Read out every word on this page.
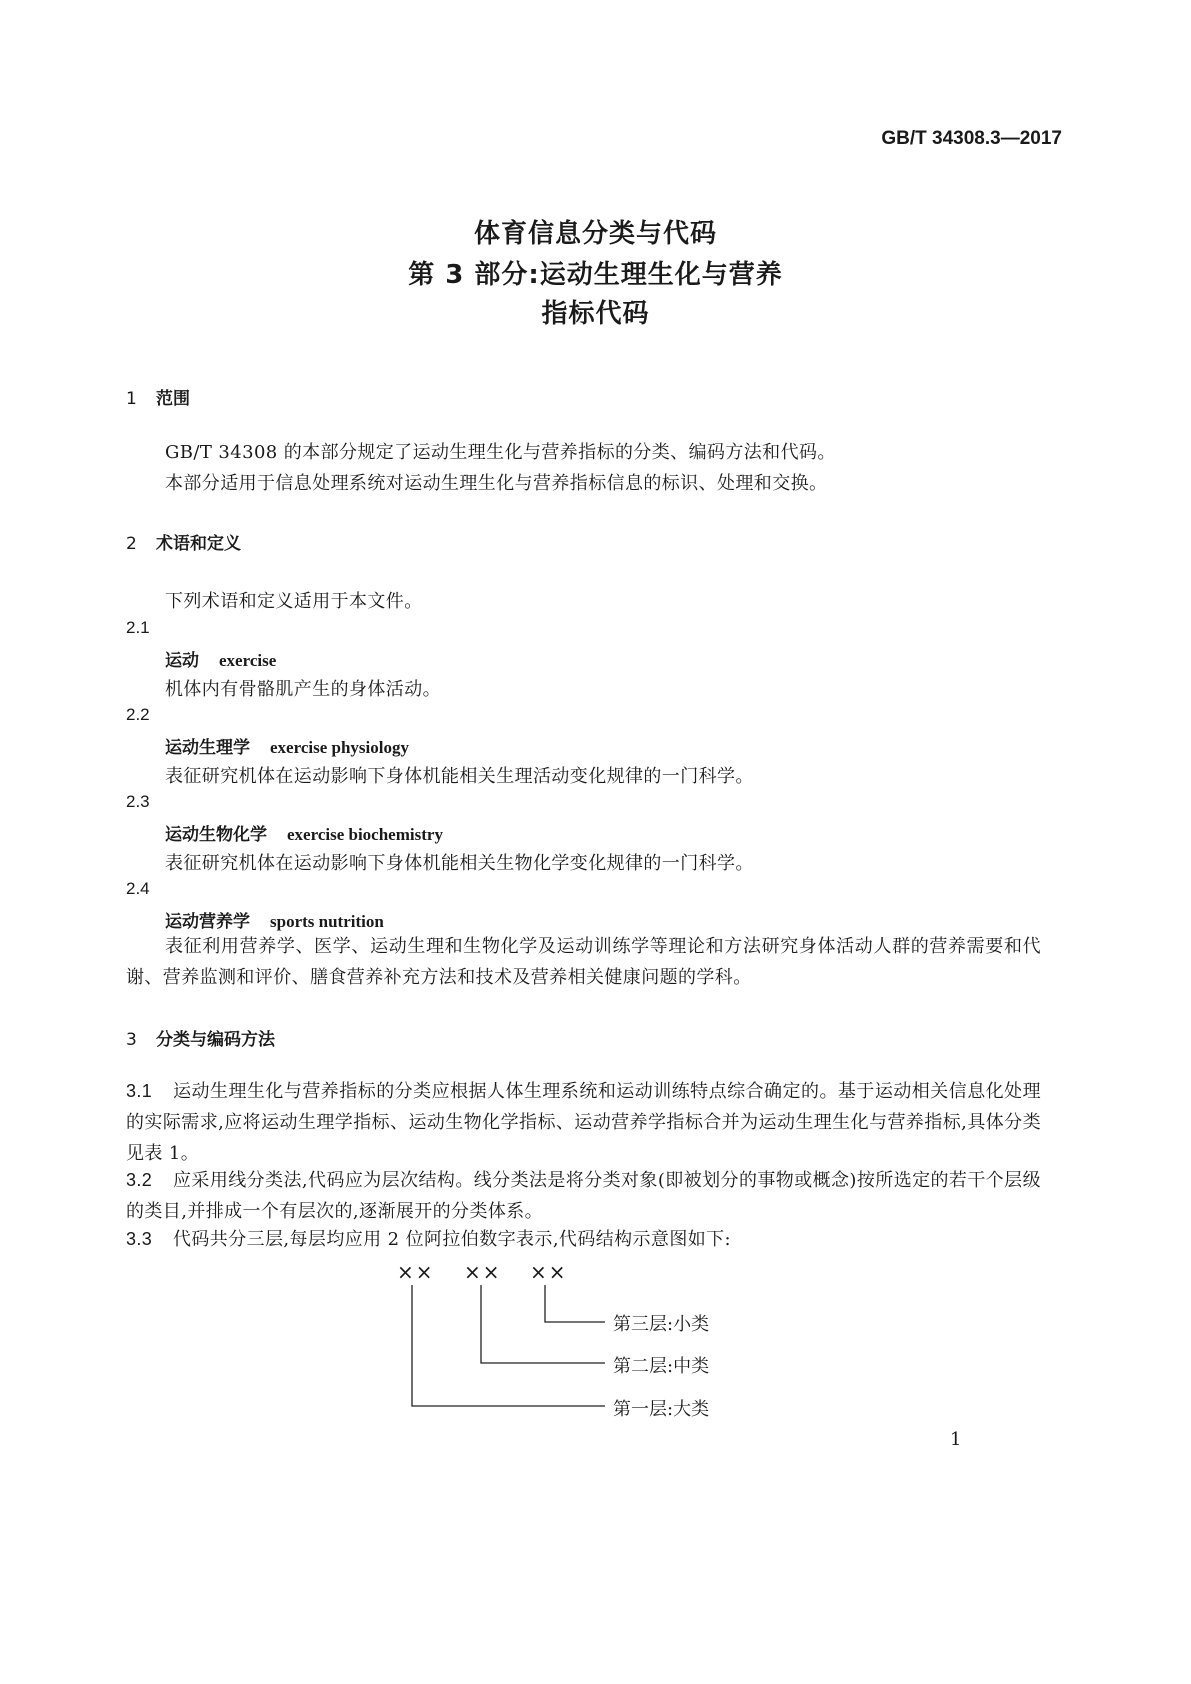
GB/T 34308.3—2017
体育信息分类与代码
第 3 部分:运动生理生化与营养
指标代码
1 范围
GB/T 34308 的本部分规定了运动生理生化与营养指标的分类、编码方法和代码。
本部分适用于信息处理系统对运动生理生化与营养指标信息的标识、处理和交换。
2 术语和定义
下列术语和定义适用于本文件。
2.1
运动 exercise
机体内有骨骼肌产生的身体活动。
2.2
运动生理学 exercise physiology
表征研究机体在运动影响下身体机能相关生理活动变化规律的一门科学。
2.3
运动生物化学 exercise biochemistry
表征研究机体在运动影响下身体机能相关生物化学变化规律的一门科学。
2.4
运动营养学 sports nutrition
表征利用营养学、医学、运动生理和生物化学及运动训练学等理论和方法研究身体活动人群的营养需要和代谢、营养监测和评价、膳食营养补充方法和技术及营养相关健康问题的学科。
3 分类与编码方法
3.1 运动生理生化与营养指标的分类应根据人体生理系统和运动训练特点综合确定的。基于运动相关信息化处理的实际需求,应将运动生理学指标、运动生物化学指标、运动营养学指标合并为运动生理生化与营养指标,具体分类见表 1。
3.2 应采用线分类法,代码应为层次结构。线分类法是将分类对象(即被划分的事物或概念)按所选定的若干个层级的类目,并排成一个有层次的,逐渐展开的分类体系。
3.3 代码共分三层,每层均应用 2 位阿拉伯数字表示,代码结构示意图如下:
×× ×× ××
第三层:小类
第二层:中类
第一层:大类
1
